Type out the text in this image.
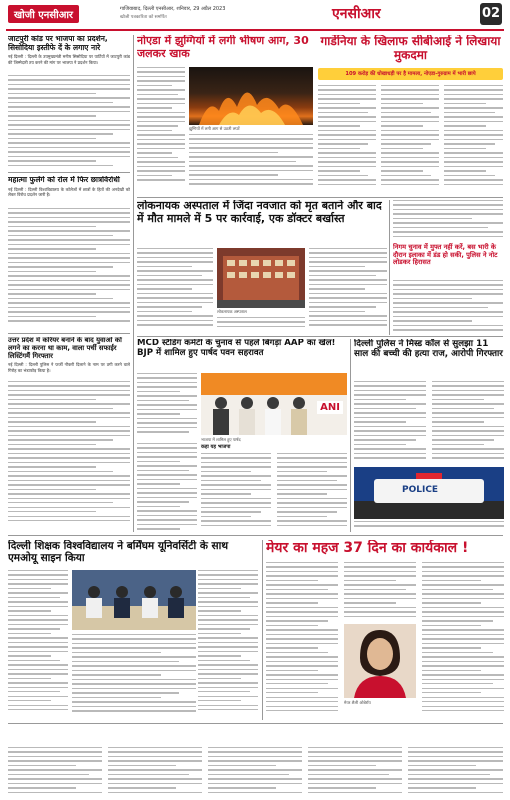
खोजी एनसीआर
गाजियाबाद, दिल्ली एनसीआर, शनिवार, 29 अप्रैल 2023
खोजी पत्रकारिता को समर्पित	एनसीआर	02
जाटपुरी कांड पर भाजपा का प्रदर्शन, सिसोदिया इस्तीफे दें के लगाए नारे
नई दिल्ली : दिल्ली के उपमुख्यमंत्री मनीष सिसोदिया पर पार्टियों में जाटपुरी कांड की जिम्मेदारी तय करने की मांग पर भाजपा ने प्रदर्शन किया।
महात्मा फुलेंगे को रोल में फिर छात्रविरोधी
नई दिल्ली : दिल्ली विश्वविद्यालय के कॉलेजों में छात्रों के हितों की अनदेखी को लेकर विरोध प्रदर्शन जारी है।
उत्तर प्रदेश में करियर बनाने के बाद युवाओं को लगने का करना था काम, वाला पर्ची सफाईर लिस्टिंगमैं गिरफ्तार
नई दिल्ली : दिल्ली पुलिस ने फर्जी नौकरी दिलाने के नाम पर ठगी करने वाले गिरोह का भंडाफोड़ किया है।
नोएडा में झुग्गियों में लगी भीषण आग, 30 जलकर खाक
झुग्गियों में लगी आग से उठती लपटें
गार्डेनिया के खिलाफ सीबीआई ने लिखाया मुकदमा
109 करोड़ की धोखाधड़ी पर है मामला, नोएडा-गुरुग्राम में भारी छापे
लोकनायक अस्पताल में जिंदा नवजात को मृत बताने और बाद में मौत मामले में 5 पर कार्रवाई, एक डॉक्टर बर्खास्त
लोकनायक अस्पताल
निगम चुनाव में मुफ्त नहीं करें, बस भारी के दौरान इलाका में डंड हो सकी, पुलिस ने नोट लोडकर हिरासत
MCD स्टैंडिंग कमेटी के चुनाव से पहले बिगड़ा AAP का खेल! BJP में शामिल हुए पार्षद पवन सहरावत
ANI
भाजपा में शामिल हुए पार्षद
कहा यह भाजपा
दिल्ली पुलिस ने मिस्ड कॉल से सुलझा 11 साल की बच्ची की हत्या राज, आरोपी गिरफ्तार
POLICE
दिल्ली शिक्षक विश्वविद्यालय ने बर्मिंघम यूनिवर्सिटी के साथ एमओयू साइन किया
मेयर का महज 37 दिन का कार्यकाल !
मेयर शैली ओबेरॉय
